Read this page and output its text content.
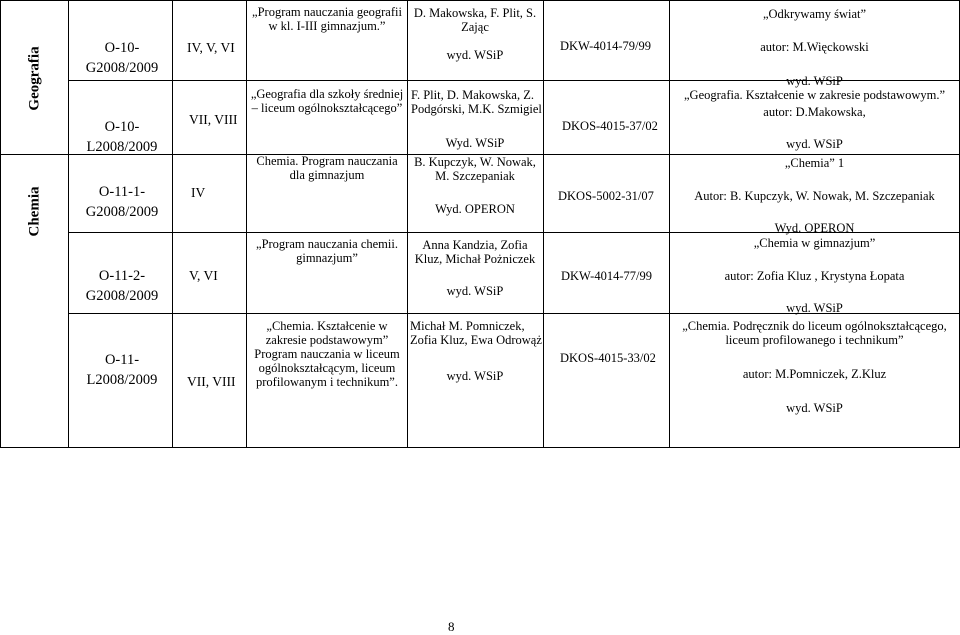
Geografia
Chemia
O-10-
G2008/2009
IV, V, VI
„Program nauczania geografii
w kl. I-III gimnazjum.”
D. Makowska, F. Plit, S.
Zając
wyd. WSiP
DKW-4014-79/99
„Odkrywamy świat”
autor: M.Więckowski
wyd. WSiP
O-10-
L2008/2009
VII, VIII
„Geografia dla szkoły średniej
– liceum ogólnokształcącego”
F. Plit, D. Makowska, Z.
Podgórski, M.K. Szmigiel
Wyd. WSiP
DKOS-4015-37/02
„Geografia. Kształcenie w zakresie podstawowym.”
autor: D.Makowska,
wyd. WSiP
O-11-1-
G2008/2009
IV
Chemia. Program nauczania
dla gimnazjum
B. Kupczyk, W. Nowak,
M. Szczepaniak
Wyd. OPERON
DKOS-5002-31/07
„Chemia” 1
Autor: B. Kupczyk, W. Nowak, M. Szczepaniak
Wyd. OPERON
O-11-2-
G2008/2009
V, VI
„Program nauczania chemii.
gimnazjum”
Anna Kandzia, Zofia
Kluz, Michał Pożniczek
wyd. WSiP
DKW-4014-77/99
„Chemia w gimnazjum”
autor: Zofia Kluz , Krystyna Łopata
wyd. WSiP
O-11-
L2008/2009	VII, VIII
„Chemia. Kształcenie w
zakresie podstawowym”
Program nauczania w liceum
ogólnokształcącym, liceum
profilowanym i technikum”.
Michał M. Pomniczek,
Zofia Kluz, Ewa Odrowąż
wyd. WSiP
DKOS-4015-33/02
„Chemia. Podręcznik do liceum ogólnokształcącego,
liceum profilowanego i technikum”
autor: M.Pomniczek, Z.Kluz
wyd. WSiP
8
